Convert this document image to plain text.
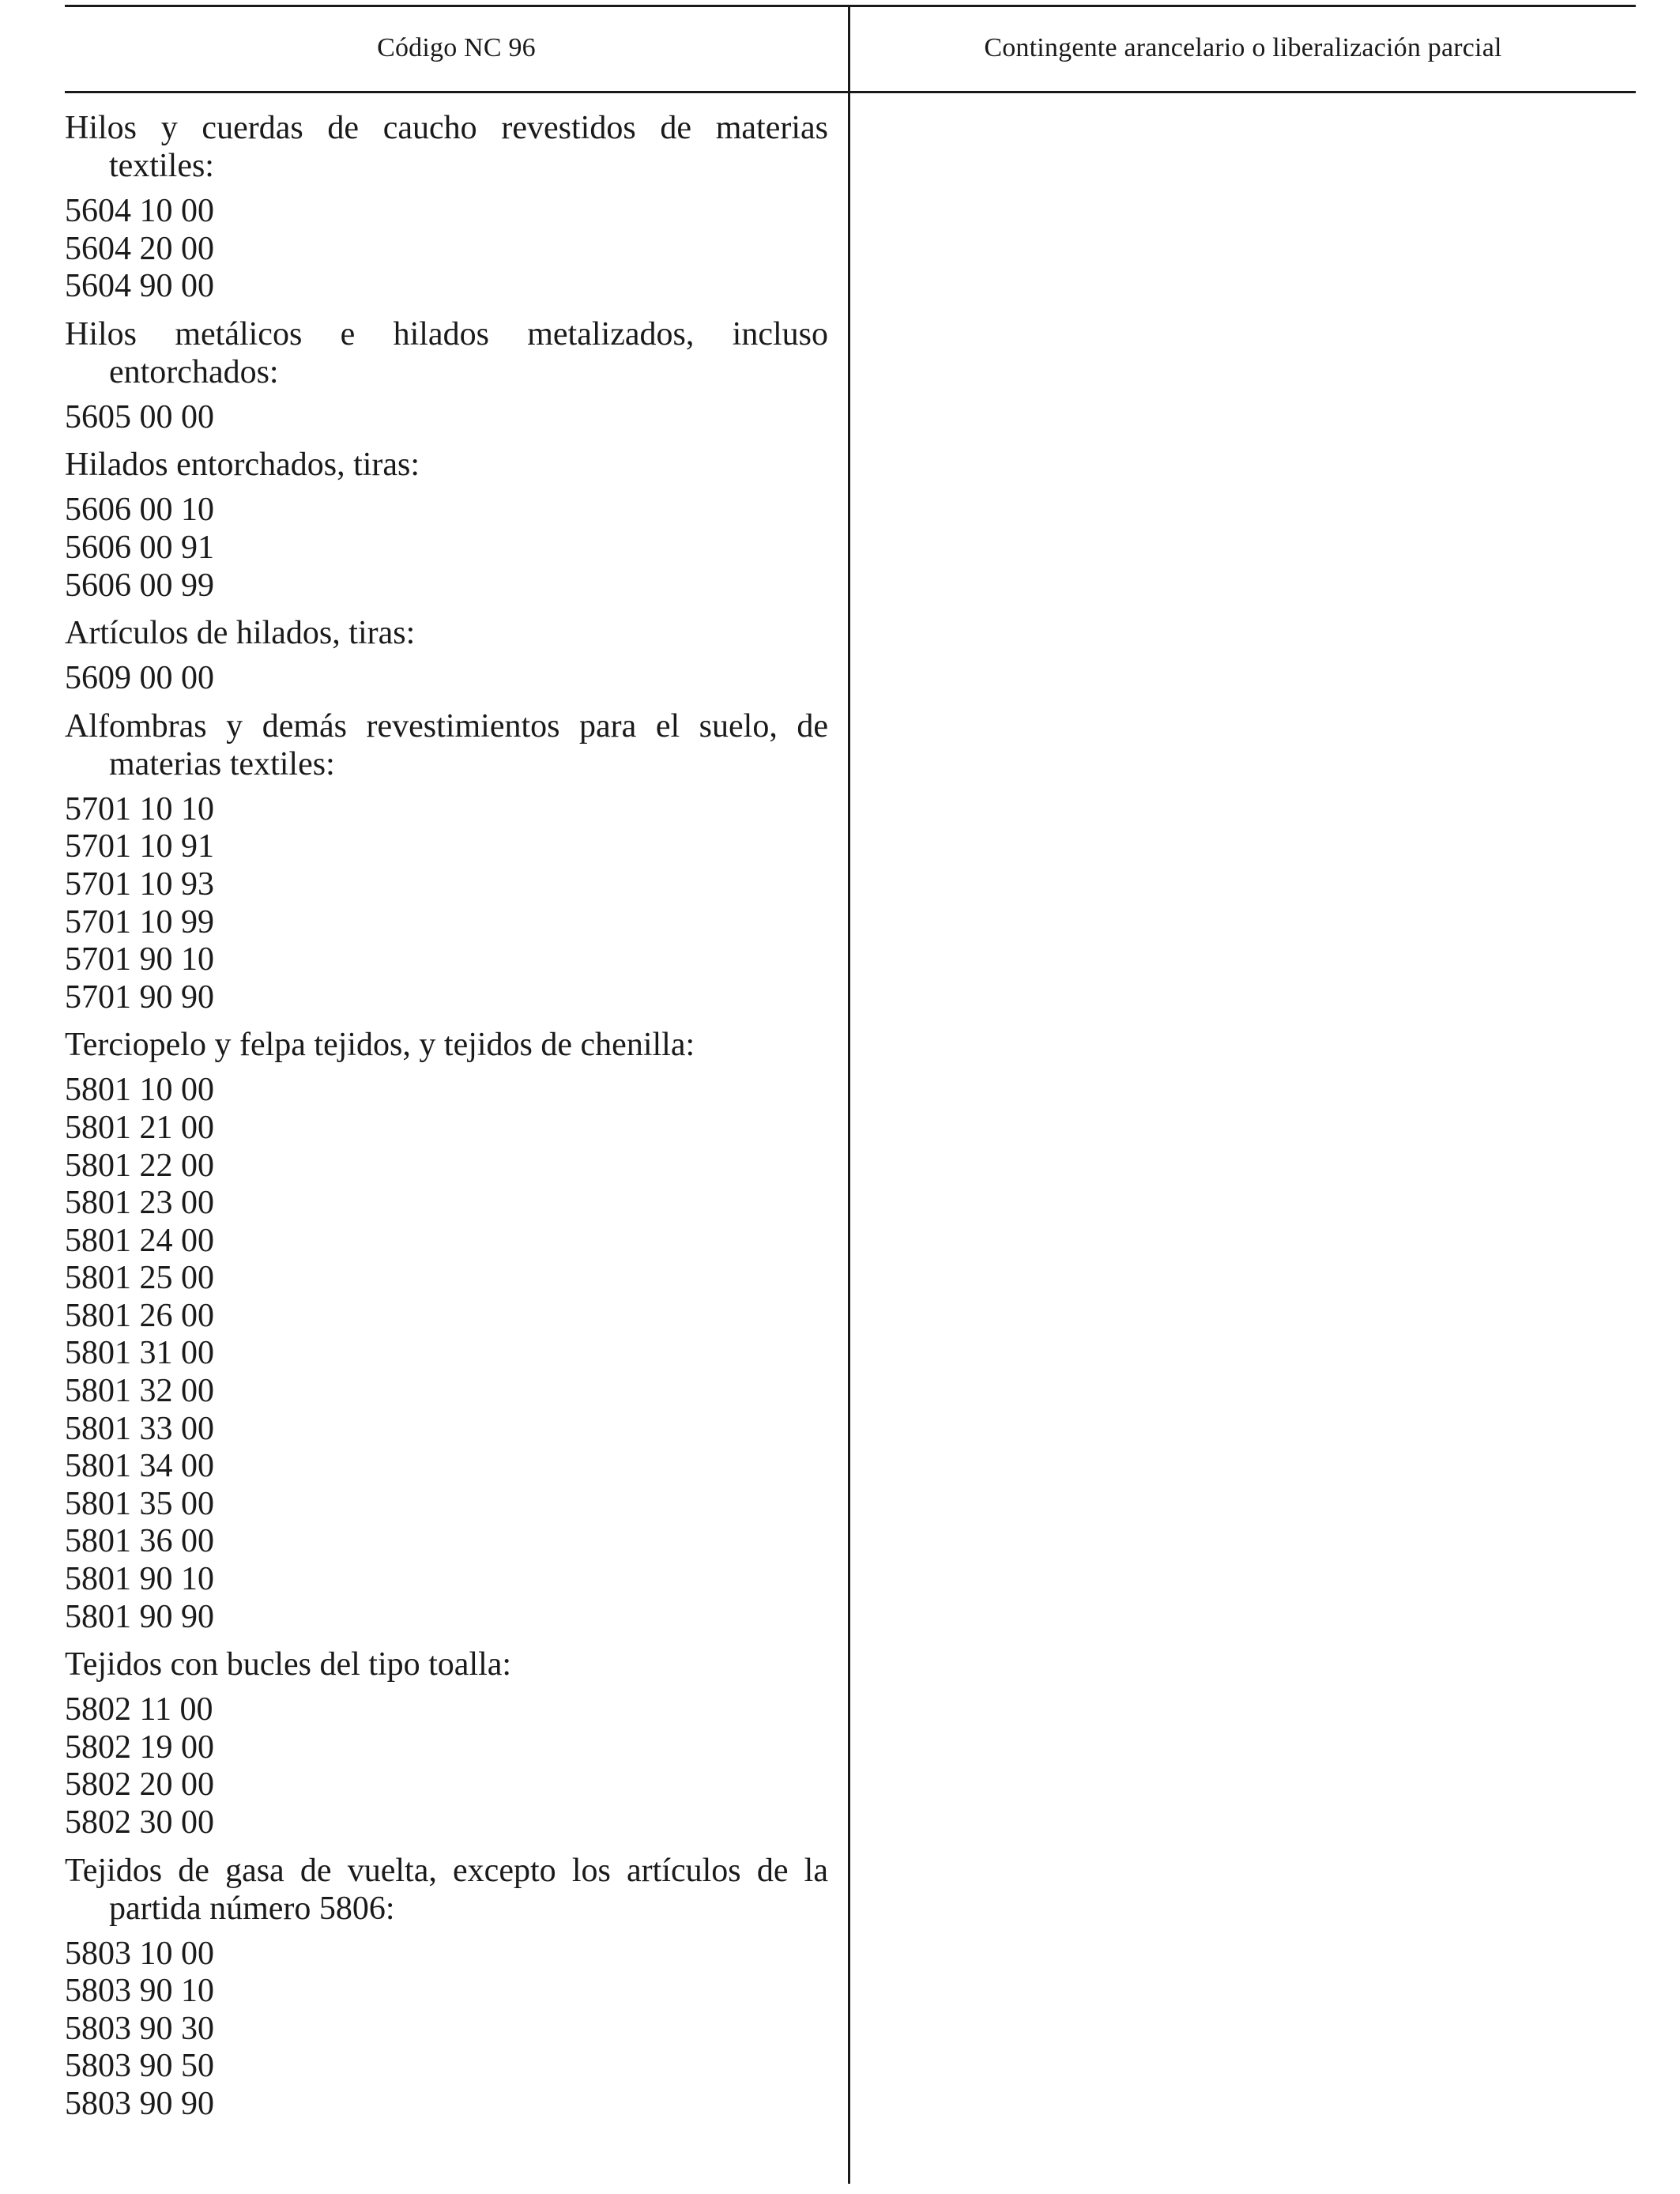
Código NC 96	Contingente arancelario o liberalización parcial
Hilos y cuerdas de caucho revestidos de materias textiles:
5604 10 00
5604 20 00
5604 90 00
Hilos metálicos e hilados metalizados, incluso entorchados:
5605 00 00
Hilados entorchados, tiras:
5606 00 10
5606 00 91
5606 00 99
Artículos de hilados, tiras:
5609 00 00
Alfombras y demás revestimientos para el suelo, de materias textiles:
5701 10 10
5701 10 91
5701 10 93
5701 10 99
5701 90 10
5701 90 90
Terciopelo y felpa tejidos, y tejidos de chenilla:
5801 10 00
5801 21 00
5801 22 00
5801 23 00
5801 24 00
5801 25 00
5801 26 00
5801 31 00
5801 32 00
5801 33 00
5801 34 00
5801 35 00
5801 36 00
5801 90 10
5801 90 90
Tejidos con bucles del tipo toalla:
5802 11 00
5802 19 00
5802 20 00
5802 30 00
Tejidos de gasa de vuelta, excepto los artículos de la partida número 5806:
5803 10 00
5803 90 10
5803 90 30
5803 90 50
5803 90 90
